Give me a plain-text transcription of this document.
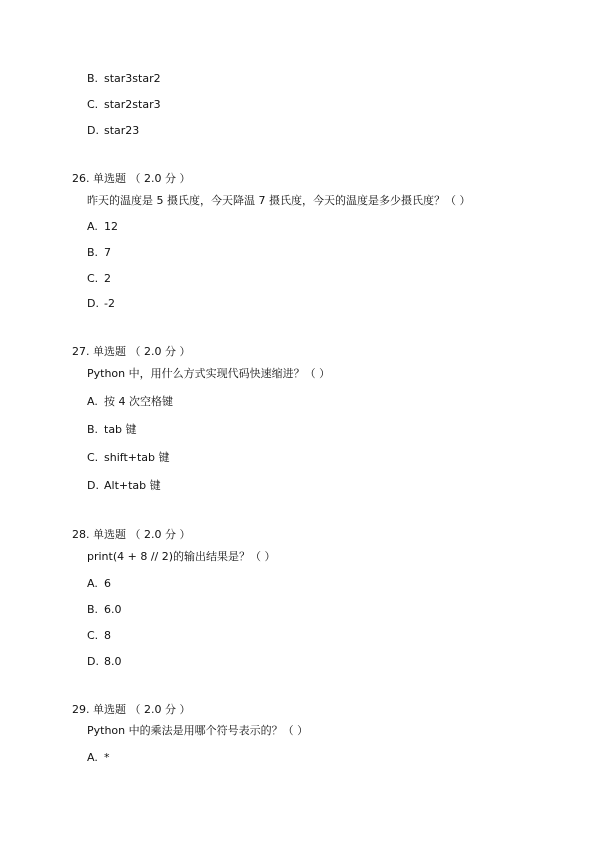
B. star3star2
C. star2star3
D. star23
26. 单选题 （ 2.0 分 ）
昨天的温度是 5 摄氏度，今天降温 7 摄氏度，今天的温度是多少摄氏度？（ ）
A. 12
B. 7
C. 2
D. -2
27. 单选题 （ 2.0 分 ）
Python 中，用什么方式实现代码快速缩进？（ ）
A. 按 4 次空格键
B. tab 键
C. shift+tab 键
D. Alt+tab 键
28. 单选题 （ 2.0 分 ）
print(4 + 8 // 2)的输出结果是？（ ）
A. 6
B. 6.0
C. 8
D. 8.0
29. 单选题 （ 2.0 分 ）
Python 中的乘法是用哪个符号表示的？（ ）
A. *
